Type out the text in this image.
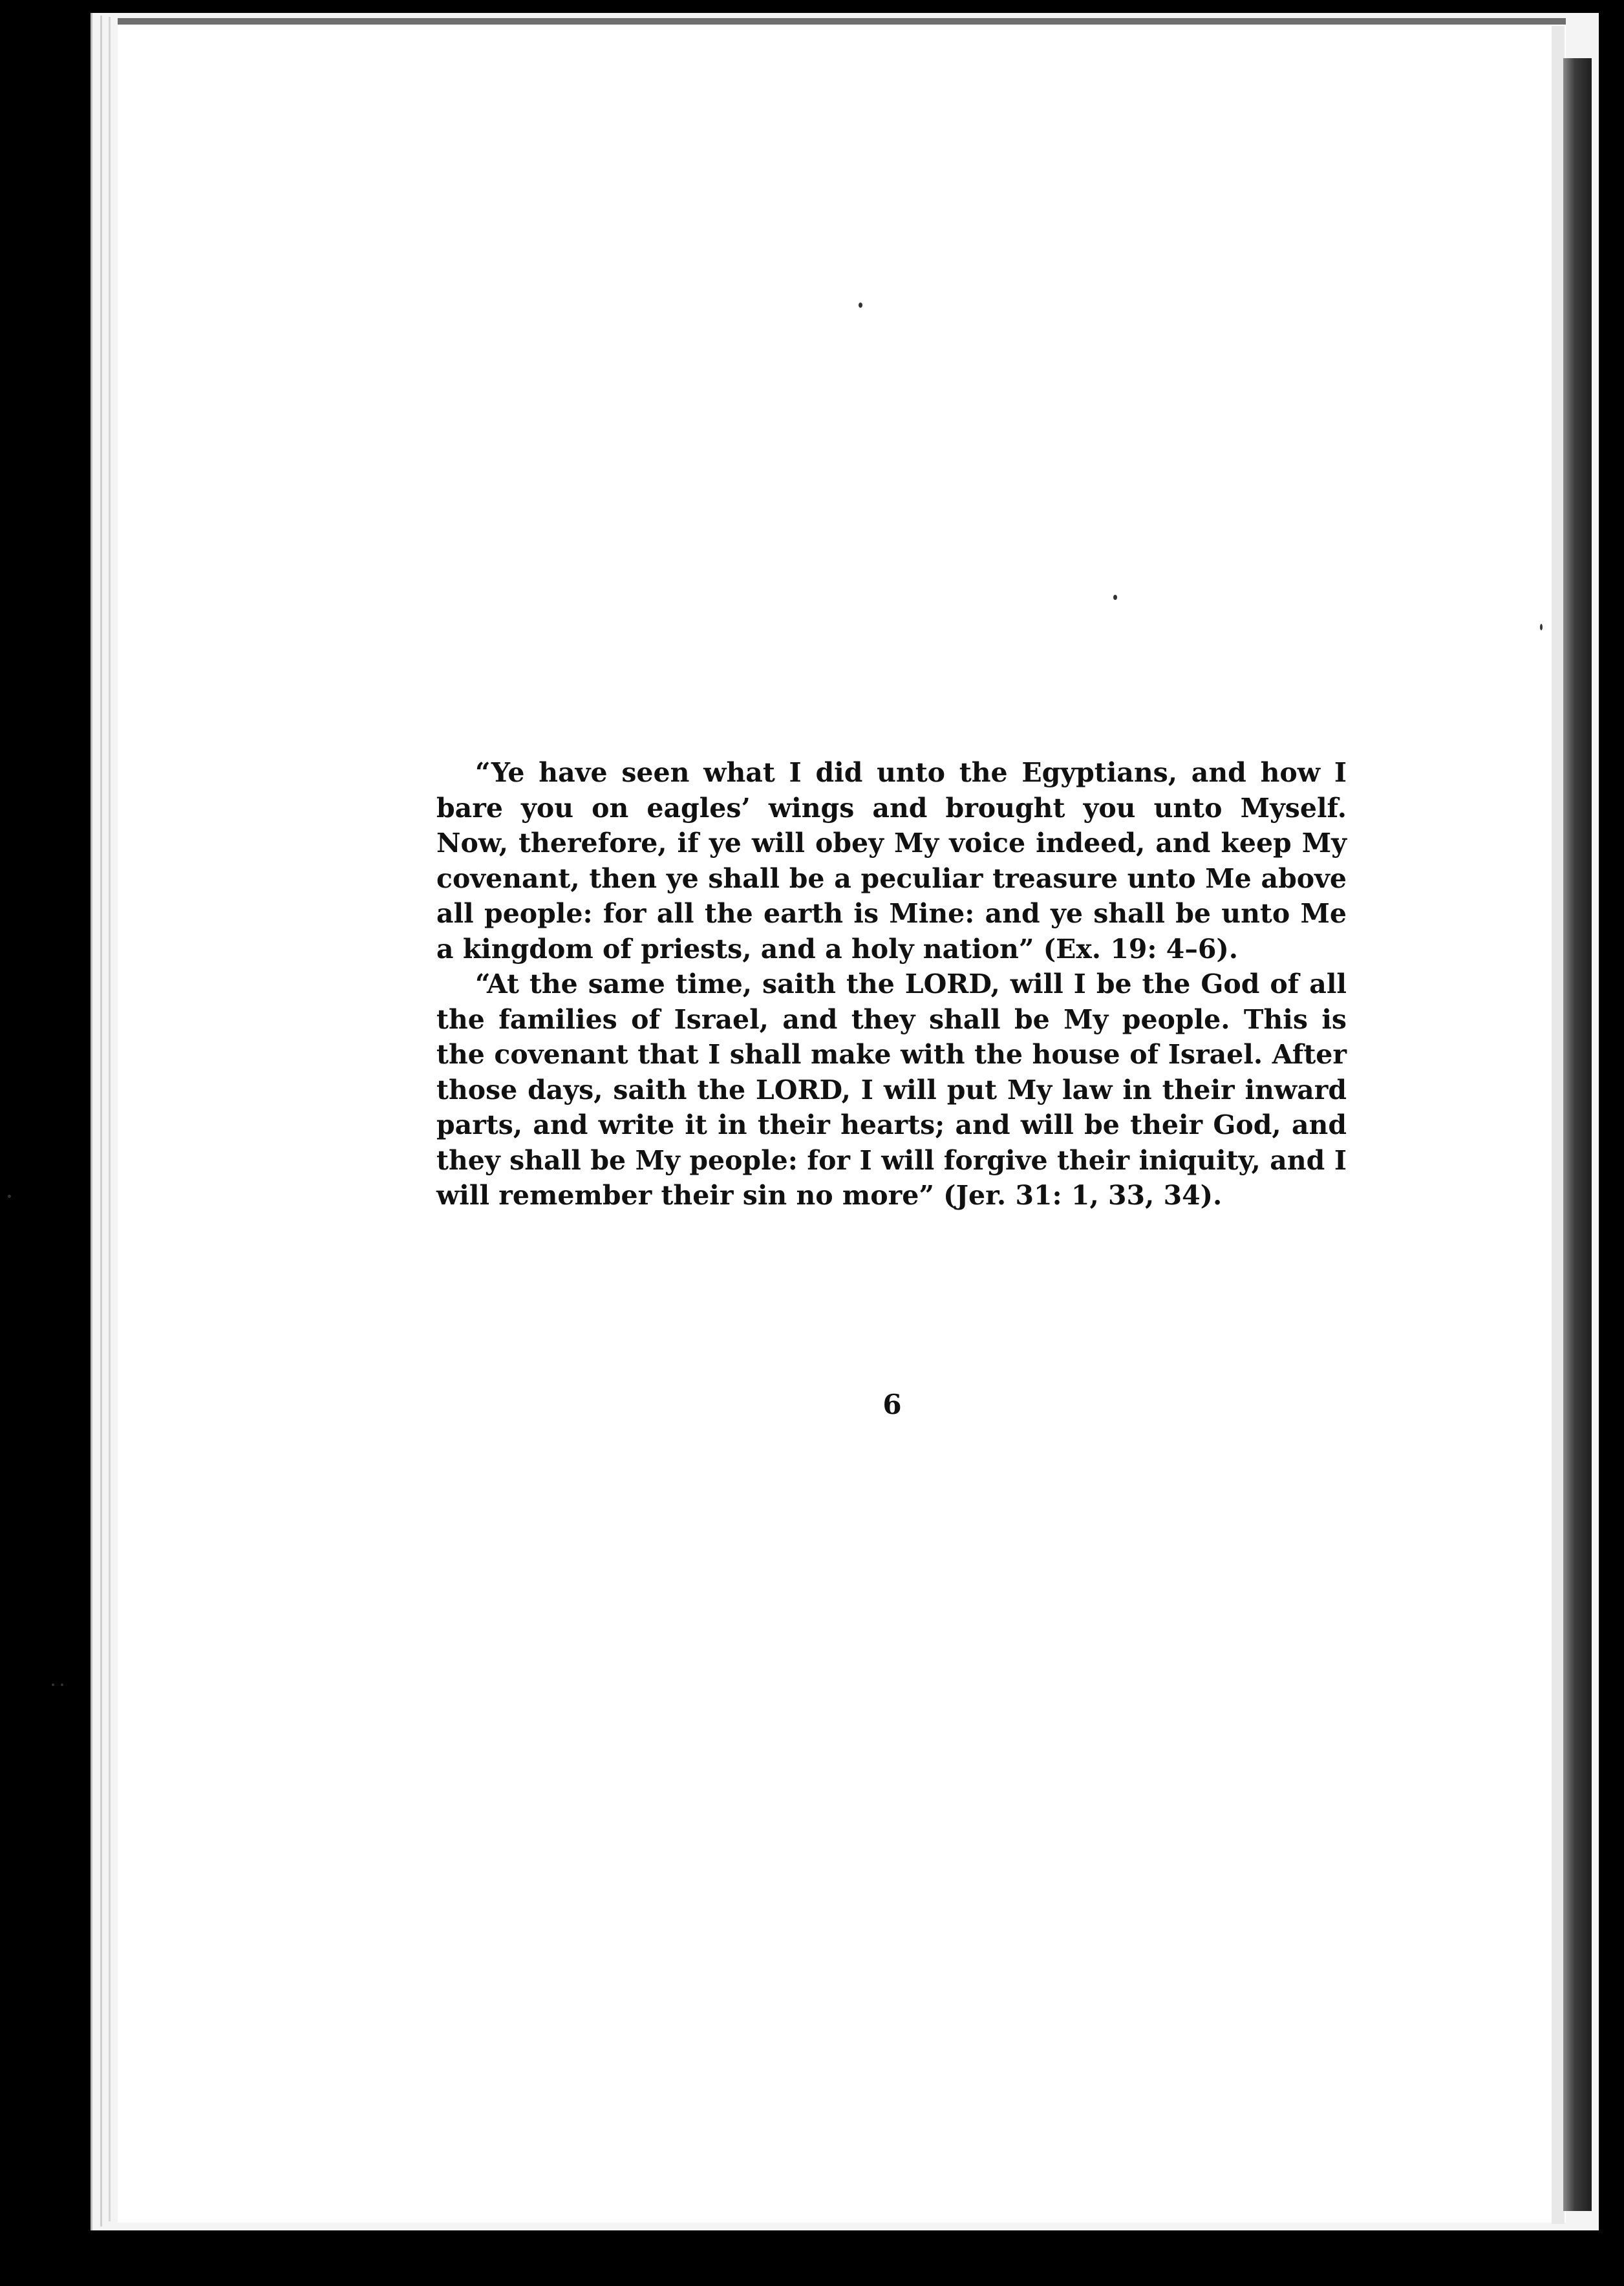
“Ye have seen what I did unto the Egyptians, and how I bare you on eagles’ wings and brought you unto Myself. Now, therefore, if ye will obey My voice indeed, and keep My covenant, then ye shall be a peculiar treasure unto Me above all people: for all the earth is Mine: and ye shall be unto Me a kingdom of priests, and a holy nation” (Ex. 19: 4–6).

“At the same time, saith the LORD, will I be the God of all the families of Israel, and they shall be My people. This is the covenant that I shall make with the house of Israel. After those days, saith the LORD, I will put My law in their inward parts, and write it in their hearts; and will be their God, and they shall be My people: for I will forgive their iniquity, and I will remember their sin no more” (Jer. 31: 1, 33, 34).

6
